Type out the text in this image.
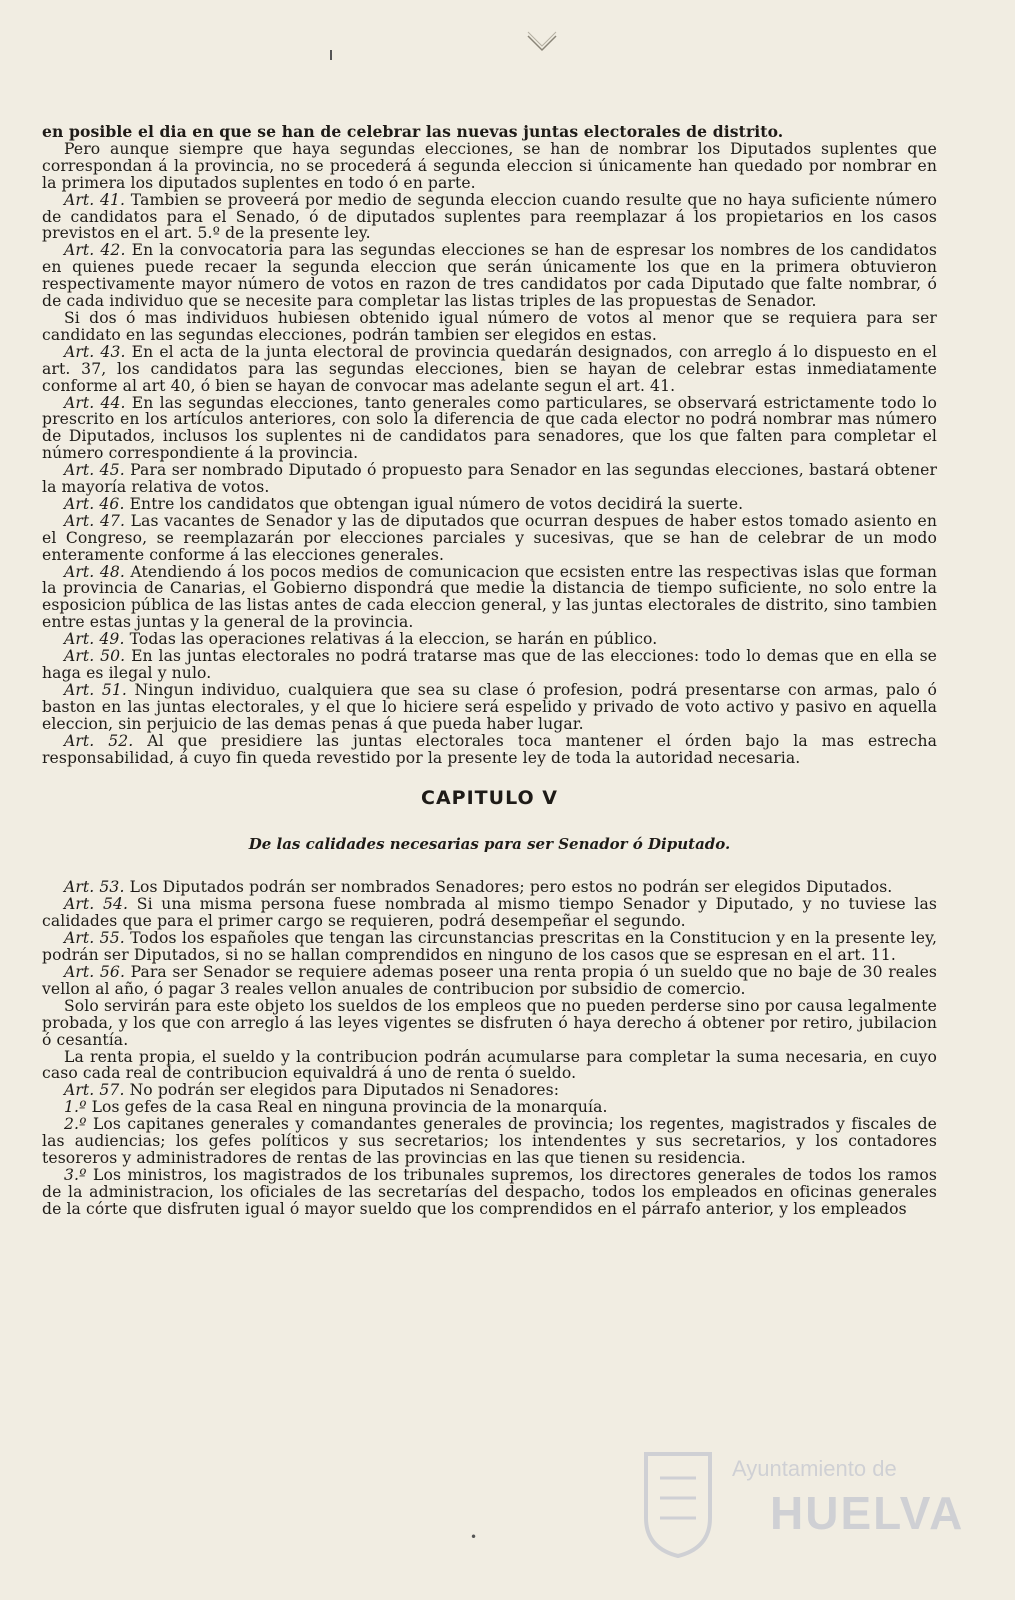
en posible el dia en que se han de celebrar las nuevas juntas electorales de distrito.

Pero aunque siempre que haya segundas elecciones, se han de nombrar los Diputados suplentes que correspondan á la provincia, no se procederá á segunda eleccion si únicamente han quedado por nombrar en la primera los diputados suplentes en todo ó en parte.

Art. 41. Tambien se proveerá por medio de segunda eleccion cuando resulte que no haya suficiente número de candidatos para el Senado, ó de diputados suplentes para reemplazar á los propietarios en los casos previstos en el art. 5.º de la presente ley.

Art. 42. En la convocatoria para las segundas elecciones se han de espresar los nombres de los candidatos en quienes puede recaer la segunda eleccion que serán únicamente los que en la primera obtuvieron respectivamente mayor número de votos en razon de tres candidatos por cada Diputado que falte nombrar, ó de cada individuo que se necesite para completar las listas triples de las propuestas de Senador.

Si dos ó mas individuos hubiesen obtenido igual número de votos al menor que se requiera para ser candidato en las segundas elecciones, podrán tambien ser elegidos en estas.

Art. 43. En el acta de la junta electoral de provincia quedarán designados, con arreglo á lo dispuesto en el art. 37, los candidatos para las segundas elecciones, bien se hayan de celebrar estas inmediatamente conforme al art 40, ó bien se hayan de convocar mas adelante segun el art. 41.

Art. 44. En las segundas elecciones, tanto generales como particulares, se observará estrictamente todo lo prescrito en los artículos anteriores, con solo la diferencia de que cada elector no podrá nombrar mas número de Diputados, inclusos los suplentes ni de candidatos para senadores, que los que falten para completar el número correspondiente á la provincia.

Art. 45. Para ser nombrado Diputado ó propuesto para Senador en las segundas elecciones, bastará obtener la mayoría relativa de votos.

Art. 46. Entre los candidatos que obtengan igual número de votos decidirá la suerte.

Art. 47. Las vacantes de Senador y las de diputados que ocurran despues de haber estos tomado asiento en el Congreso, se reemplazarán por elecciones parciales y sucesivas, que se han de celebrar de un modo enteramente conforme á las elecciones generales.

Art. 48. Atendiendo á los pocos medios de comunicacion que ecsisten entre las respectivas islas que forman la provincia de Canarias, el Gobierno dispondrá que medie la distancia de tiempo suficiente, no solo entre la esposicion pública de las listas antes de cada eleccion general, y las juntas electorales de distrito, sino tambien entre estas juntas y la general de la provincia.

Art. 49. Todas las operaciones relativas á la eleccion, se harán en público.

Art. 50. En las juntas electorales no podrá tratarse mas que de las elecciones: todo lo demas que en ella se haga es ilegal y nulo.

Art. 51. Ningun individuo, cualquiera que sea su clase ó profesion, podrá presentarse con armas, palo ó baston en las juntas electorales, y el que lo hiciere será espelido y privado de voto activo y pasivo en aquella eleccion, sin perjuicio de las demas penas á que pueda haber lugar.

Art. 52. Al que presidiere las juntas electorales toca mantener el órden bajo la mas estrecha responsabilidad, á cuyo fin queda revestido por la presente ley de toda la autoridad necesaria.

CAPITULO V
De las calidades necesarias para ser Senador ó Diputado.

Art. 53. Los Diputados podrán ser nombrados Senadores; pero estos no podrán ser elegidos Diputados.

Art. 54. Si una misma persona fuese nombrada al mismo tiempo Senador y Diputado, y no tuviese las calidades que para el primer cargo se requieren, podrá desempeñar el segundo.

Art. 55. Todos los españoles que tengan las circunstancias prescritas en la Constitucion y en la presente ley, podrán ser Diputados, si no se hallan comprendidos en ninguno de los casos que se espresan en el art. 11.

Art. 56. Para ser Senador se requiere ademas poseer una renta propia ó un sueldo que no baje de 30 reales vellon al año, ó pagar 3 reales vellon anuales de contribucion por subsidio de comercio.

Solo servirán para este objeto los sueldos de los empleos que no pueden perderse sino por causa legalmente probada, y los que con arreglo á las leyes vigentes se disfruten ó haya derecho á obtener por retiro, jubilacion ó cesantía.

La renta propia, el sueldo y la contribucion podrán acumularse para completar la suma necesaria, en cuyo caso cada real de contribucion equivaldrá á uno de renta ó sueldo.

Art. 57. No podrán ser elegidos para Diputados ni Senadores:

1.º Los gefes de la casa Real en ninguna provincia de la monarquía.

2.º Los capitanes generales y comandantes generales de provincia; los regentes, magistrados y fiscales de las audiencias; los gefes políticos y sus secretarios; los intendentes y sus secretarios, y los contadores tesoreros y administradores de rentas de las provincias en las que tienen su residencia.

3.º Los ministros, los magistrados de los tribunales supremos, los directores generales de todos los ramos de la administracion, los oficiales de las secretarías del despacho, todos los empleados en oficinas generales de la córte que disfruten igual ó mayor sueldo que los comprendidos en el párrafo anterior, y los empleados

Ayuntamiento de
HUELVA
•
